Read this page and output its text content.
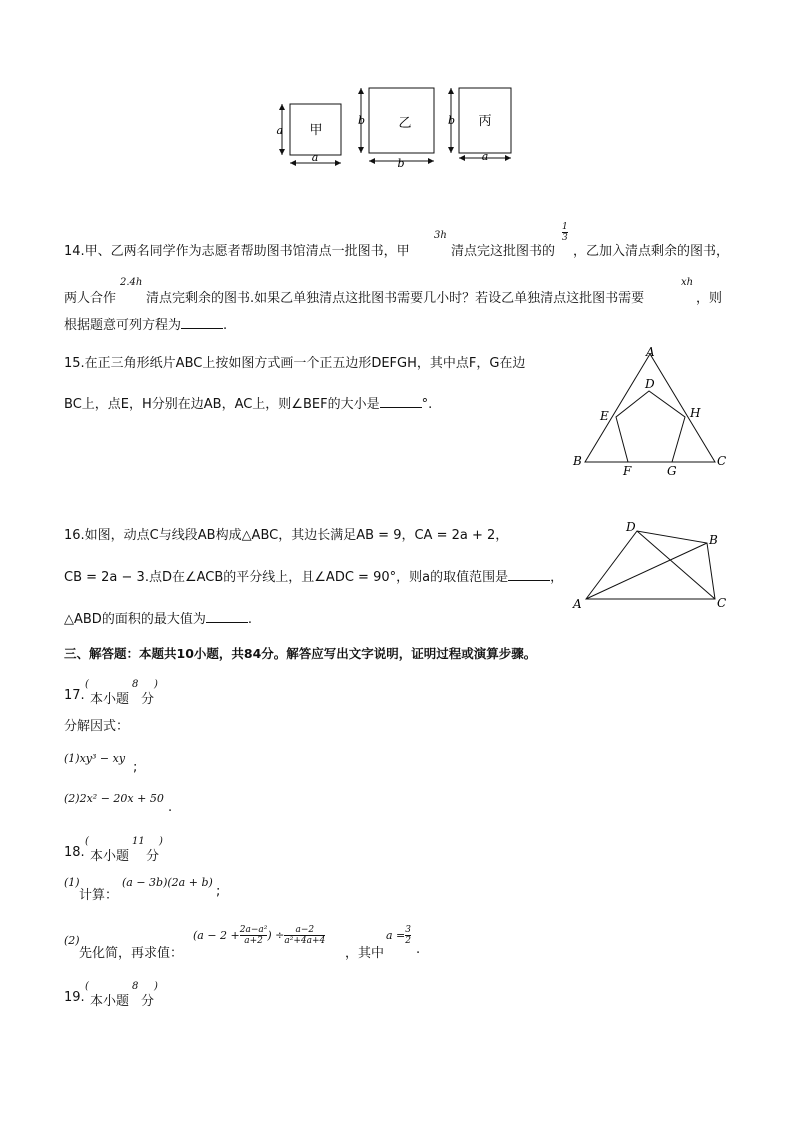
a
a
甲
b
b
乙	b
a
丙
14.甲、乙两名同学作为志愿者帮助图书馆清点一批图书，甲
3h
清点完这批图书的
1
3
，乙加入清点剩余的图书，
两人合作
2.4h
清点完剩余的图书.如果乙单独清点这批图书需要几小时？若设乙单独清点这批图书需要
xh
，则
根据题意可列方程为	.
15.在正三角形纸片ABC上按如图方式画一个正五边形DEFGH，其中点F，G在边
BC上，点E，H分别在边AB，AC上，则∠BEF的大小是	°.
A
B	C
D
E
F	G
H
16.如图，动点C与线段AB构成△ABC，其边长满足AB = 9，CA = 2a + 2，
CB = 2a − 3.点D在∠ACB的平分线上，且∠ADC = 90°，则a的取值范围是	，
△ABD的面积的最大值为	.
A
B
C
D
三、解答题：本题共10小题，共84分。解答应写出文字说明，证明过程或演算步骤。
17.
(
本小题
8
分
)
分解因式：
(1)xy³ − xy
;
(2)2x² − 20x + 50
.
18.
(
本小题
11
分
)
(1)
计算：
(a − 3b)(2a + b)
;
(2)
先化简，再求值：
($a - 2 + \frac{\text{2a−a²}}{a+2}$ ) ÷ $\frac{a-2}{\text{a²+4a+4}}$
，其中
$a = \frac{3}{2}$
.
19.
(
本小题
8
分
)
